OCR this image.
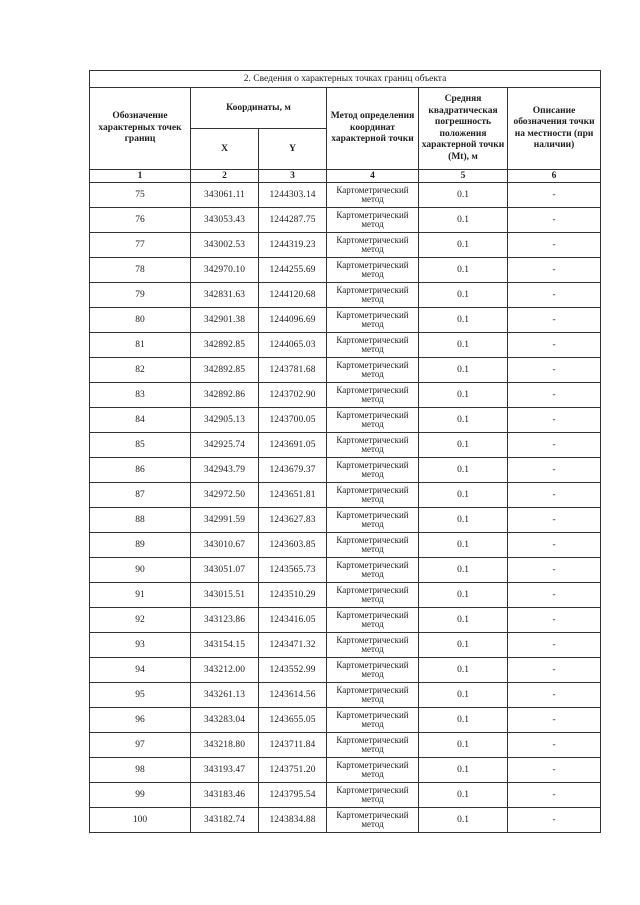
2. Сведения о характерных точках границ объекта					
Обозначение характерных точек границ	Координаты, м		Метод определения координат характерной точки	Средняя квадратическая погрешность положения характерной точки (Mt), м	Описание обозначения точки на местности (при наличии)
	X	Y			
1	2	3	4	5	6
75	343061.11	1244303.14	Картометрический метод	0.1	-
76	343053.43	1244287.75	Картометрический метод	0.1	-
77	343002.53	1244319.23	Картометрический метод	0.1	-
78	342970.10	1244255.69	Картометрический метод	0.1	-
79	342831.63	1244120.68	Картометрический метод	0.1	-
80	342901.38	1244096.69	Картометрический метод	0.1	-
81	342892.85	1244065.03	Картометрический метод	0.1	-
82	342892.85	1243781.68	Картометрический метод	0.1	-
83	342892.86	1243702.90	Картометрический метод	0.1	-
84	342905.13	1243700.05	Картометрический метод	0.1	-
85	342925.74	1243691.05	Картометрический метод	0.1	-
86	342943.79	1243679.37	Картометрический метод	0.1	-
87	342972.50	1243651.81	Картометрический метод	0.1	-
88	342991.59	1243627.83	Картометрический метод	0.1	-
89	343010.67	1243603.85	Картометрический метод	0.1	-
90	343051.07	1243565.73	Картометрический метод	0.1	-
91	343015.51	1243510.29	Картометрический метод	0.1	-
92	343123.86	1243416.05	Картометрический метод	0.1	-
93	343154.15	1243471.32	Картометрический метод	0.1	-
94	343212.00	1243552.99	Картометрический метод	0.1	-
95	343261.13	1243614.56	Картометрический метод	0.1	-
96	343283.04	1243655.05	Картометрический метод	0.1	-
97	343218.80	1243711.84	Картометрический метод	0.1	-
98	343193.47	1243751.20	Картометрический метод	0.1	-
99	343183.46	1243795.54	Картометрический метод	0.1	-
100	343182.74	1243834.88	Картометрический метод	0.1	-
